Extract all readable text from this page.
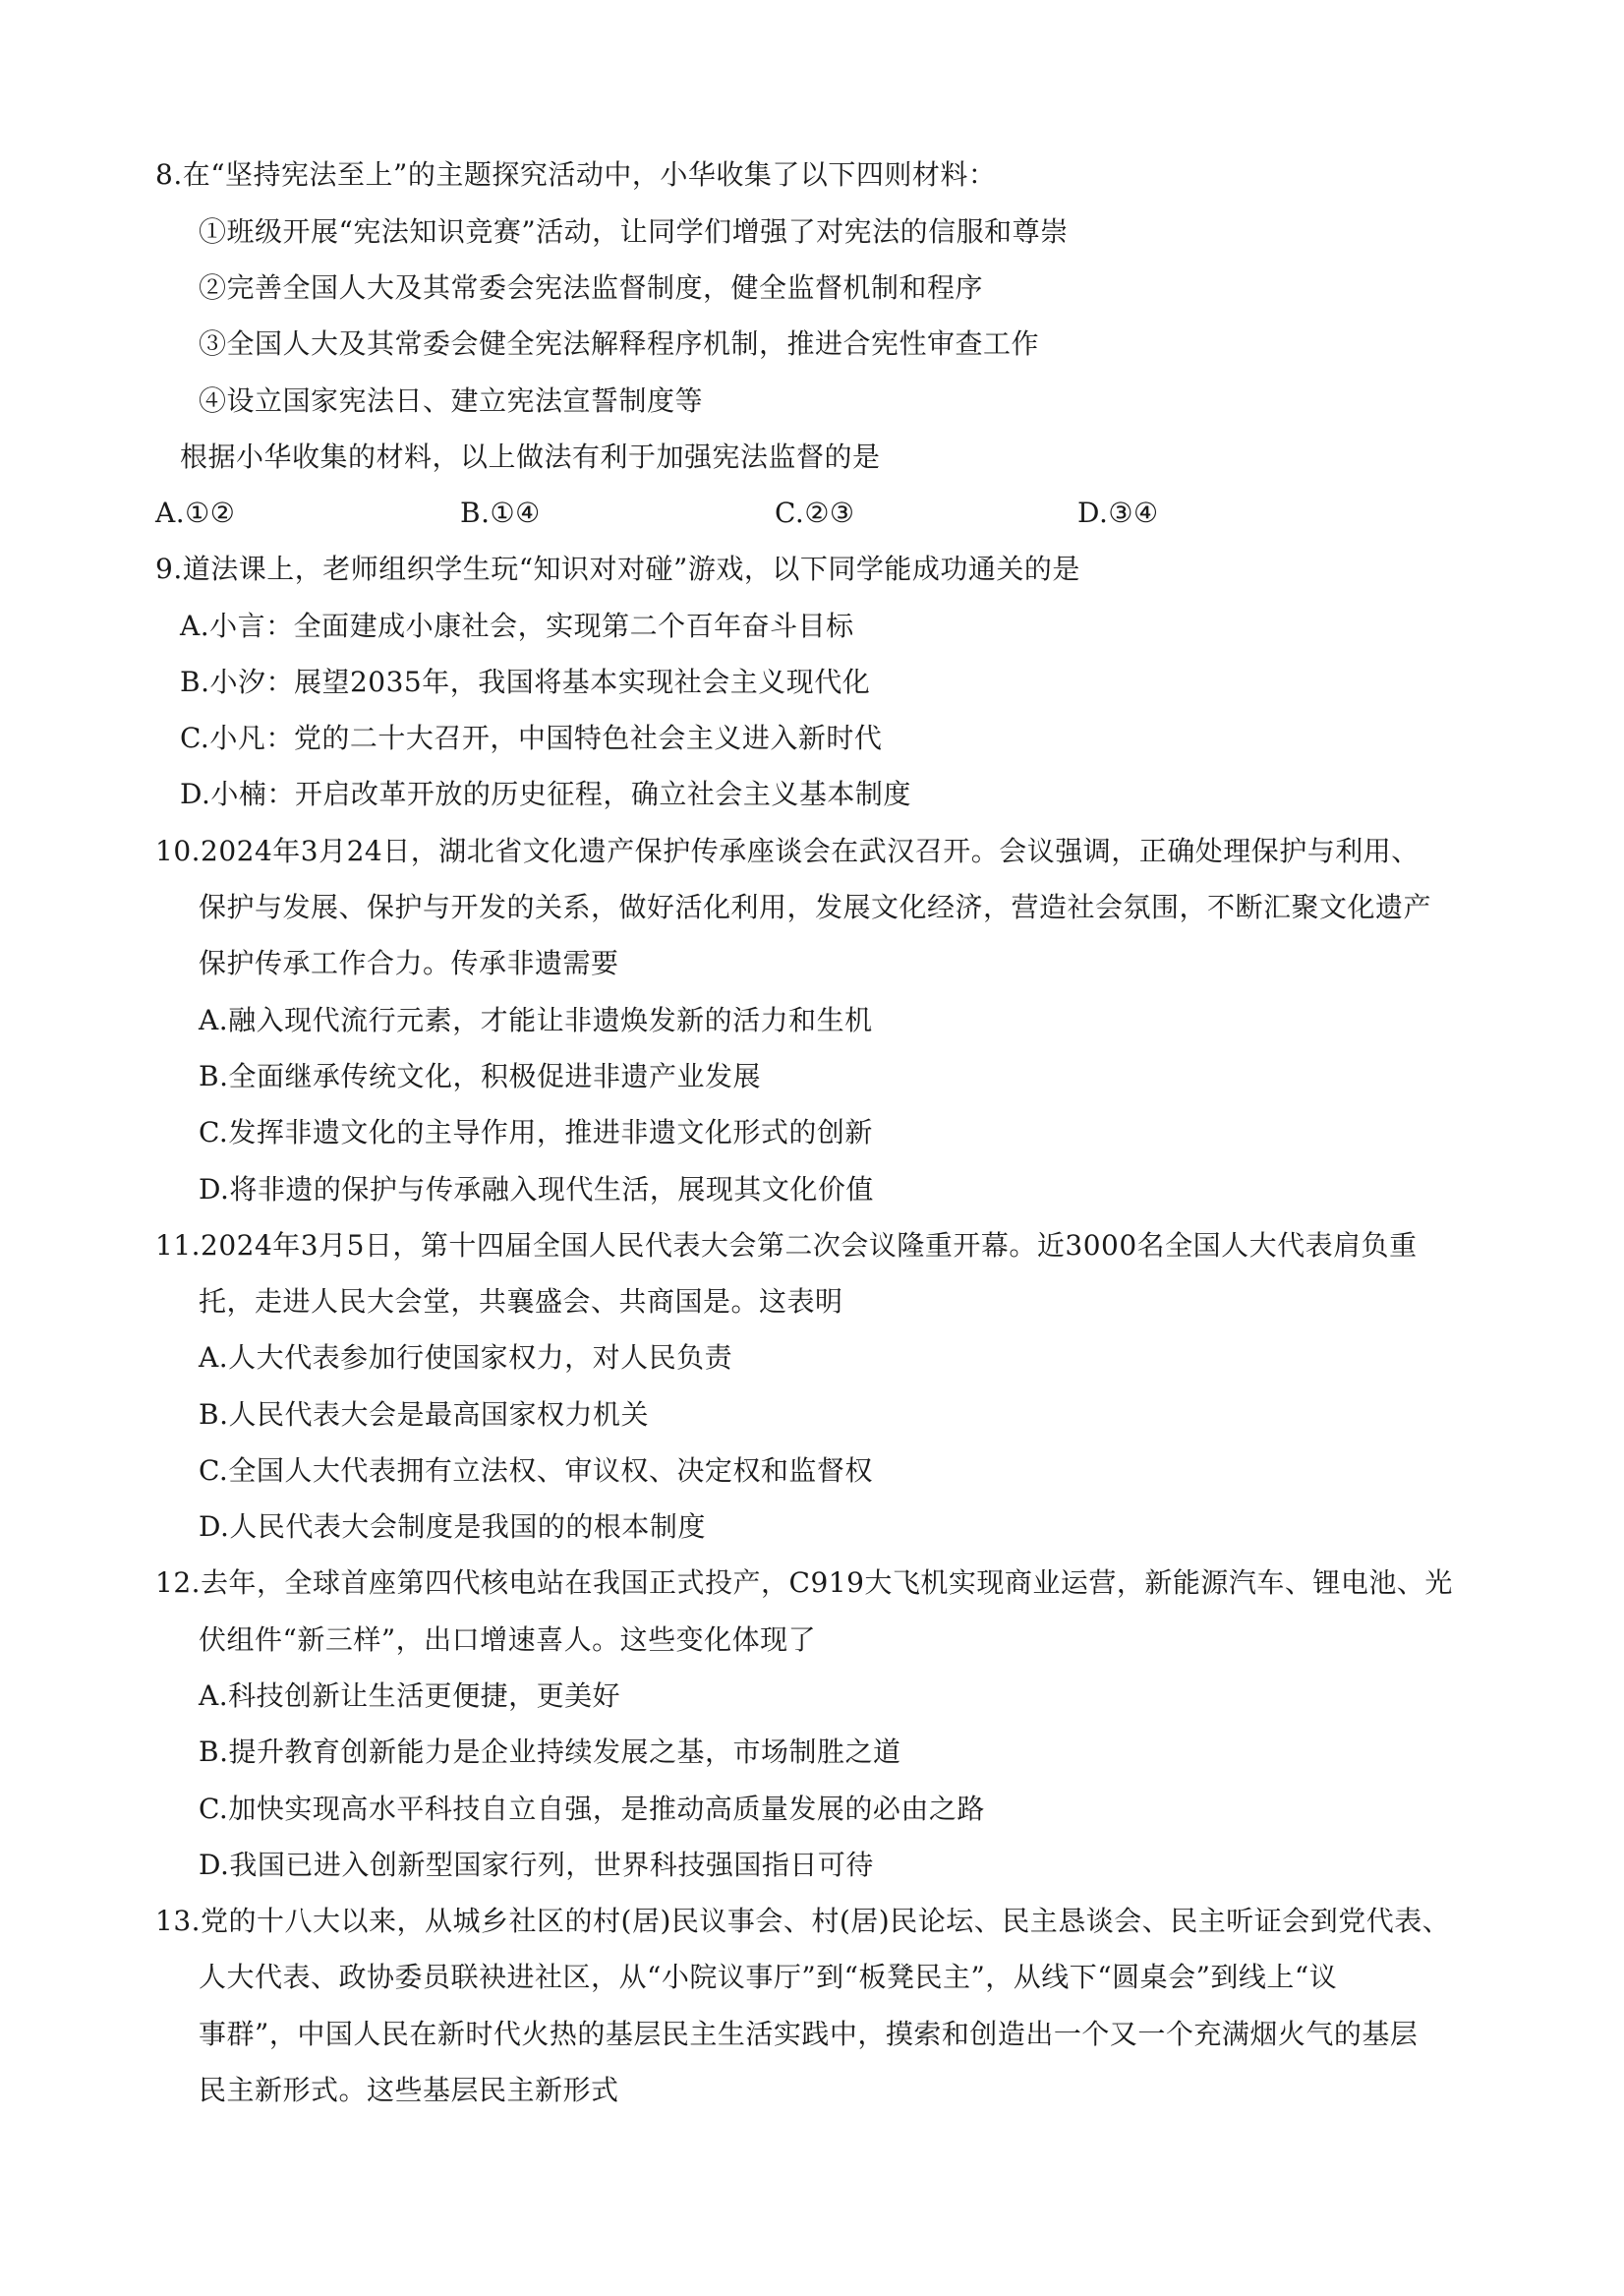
8.在“坚持宪法至上”的主题探究活动中，小华收集了以下四则材料：
①班级开展“宪法知识竞赛”活动，让同学们增强了对宪法的信服和尊崇
②完善全国人大及其常委会宪法监督制度，健全监督机制和程序
③全国人大及其常委会健全宪法解释程序机制，推进合宪性审查工作
④设立国家宪法日、建立宪法宣誓制度等
根据小华收集的材料，以上做法有利于加强宪法监督的是
A.①②	B.①④	C.②③	D.③④
9.道法课上，老师组织学生玩“知识对对碰”游戏，以下同学能成功通关的是
A.小言：全面建成小康社会，实现第二个百年奋斗目标
B.小汐：展望2035年，我国将基本实现社会主义现代化
C.小凡：党的二十大召开，中国特色社会主义进入新时代
D.小楠：开启改革开放的历史征程，确立社会主义基本制度
10.2024年3月24日，湖北省文化遗产保护传承座谈会在武汉召开。会议强调，正确处理保护与利用、
保护与发展、保护与开发的关系，做好活化利用，发展文化经济，营造社会氛围，不断汇聚文化遗产
保护传承工作合力。传承非遗需要
A.融入现代流行元素，才能让非遗焕发新的活力和生机
B.全面继承传统文化，积极促进非遗产业发展
C.发挥非遗文化的主导作用，推进非遗文化形式的创新
D.将非遗的保护与传承融入现代生活，展现其文化价值
11.2024年3月5日，第十四届全国人民代表大会第二次会议隆重开幕。近3000名全国人大代表肩负重
托，走进人民大会堂，共襄盛会、共商国是。这表明
A.人大代表参加行使国家权力，对人民负责
B.人民代表大会是最高国家权力机关
C.全国人大代表拥有立法权、审议权、决定权和监督权
D.人民代表大会制度是我国的的根本制度
12.去年，全球首座第四代核电站在我国正式投产，C919大飞机实现商业运营，新能源汽车、锂电池、光
伏组件“新三样”，出口增速喜人。这些变化体现了
A.科技创新让生活更便捷，更美好
B.提升教育创新能力是企业持续发展之基，市场制胜之道
C.加快实现高水平科技自立自强，是推动高质量发展的必由之路
D.我国已进入创新型国家行列，世界科技强国指日可待
13.党的十八大以来，从城乡社区的村(居)民议事会、村(居)民论坛、民主恳谈会、民主听证会到党代表、
人大代表、政协委员联袂进社区，从“小院议事厅”到“板凳民主”，从线下“圆桌会”到线上“议
事群”，中国人民在新时代火热的基层民主生活实践中，摸索和创造出一个又一个充满烟火气的基层
民主新形式。这些基层民主新形式
